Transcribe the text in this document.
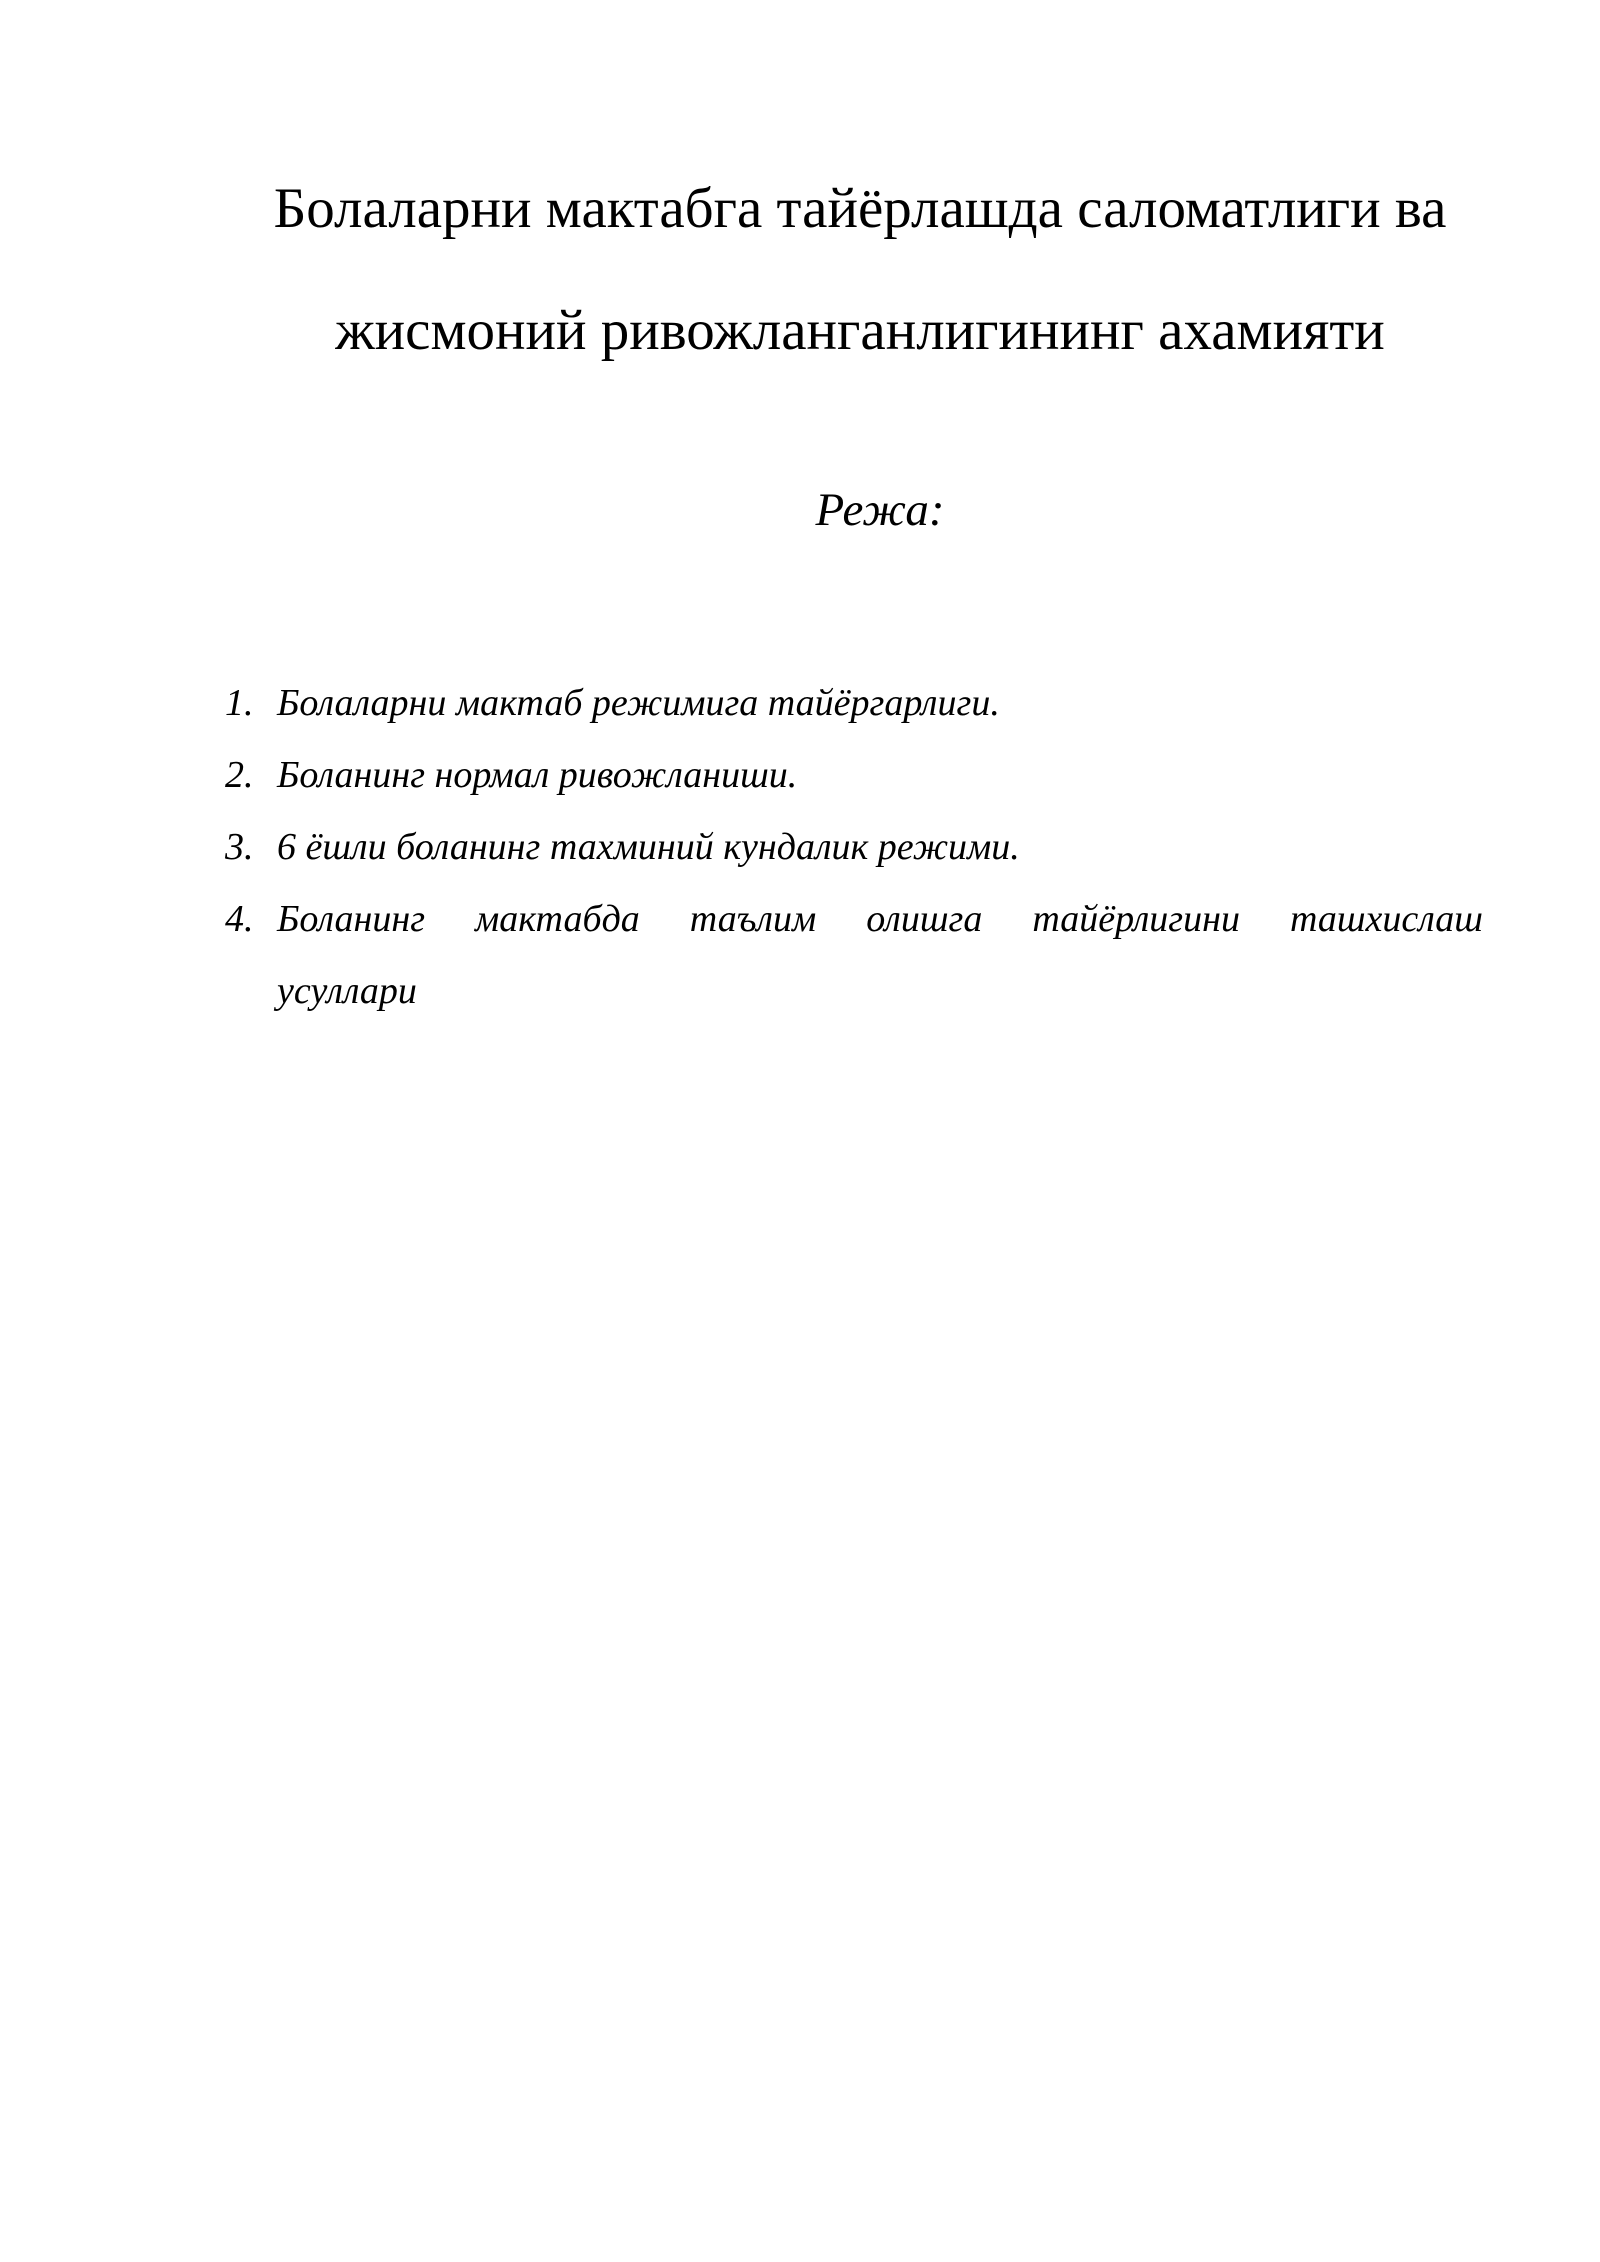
Болаларни мактабга тайёрлашда саломатлиги ва
жисмоний ривожланганлигининг ахамияти
Режа:
1. Болаларни мактаб режимига тайёргарлиги.
2. Боланинг нормал ривожланиши.
3. 6 ёшли боланинг тахминий кундалик режими.
4. Боланинг мактабда таълим олишга тайёрлигини ташхислаш
усуллари
